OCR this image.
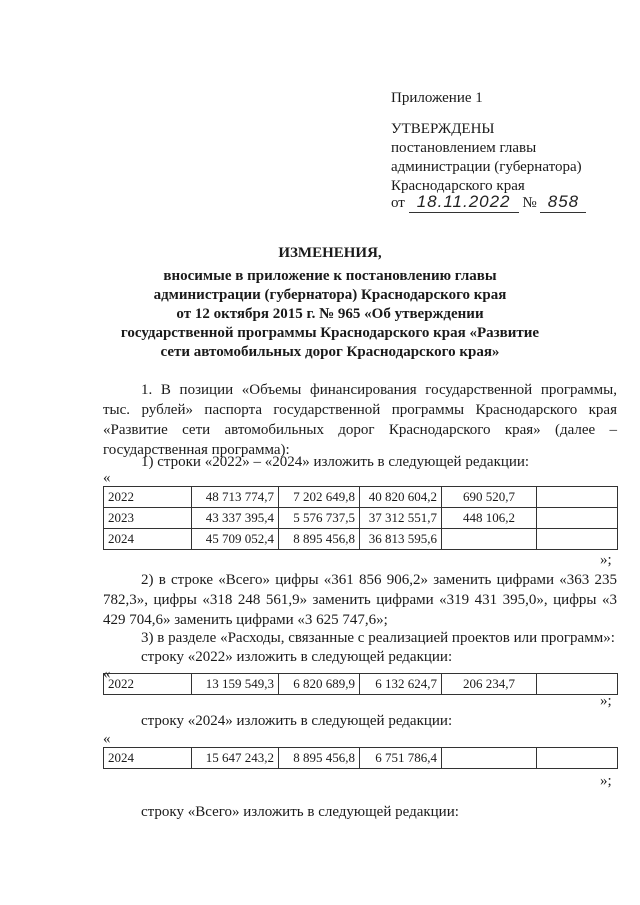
Приложение 1
УТВЕРЖДЕНЫ
постановлением главы
администрации (губернатора)
Краснодарского края
от 18.11.2022 № 858
ИЗМЕНЕНИЯ,
вносимые в приложение к постановлению главы
администрации (губернатора) Краснодарского края
от 12 октября 2015 г. № 965 «Об утверждении
государственной программы Краснодарского края «Развитие
сети автомобильных дорог Краснодарского края»
1. В позиции «Объемы финансирования государственной программы, тыс. рублей» паспорта государственной программы Краснодарского края «Развитие сети автомобильных дорог Краснодарского края» (далее – государственная программа):
1) строки «2022» – «2024» изложить в следующей редакции:
«
2022	48 713 774,7	7 202 649,8	40 820 604,2	690 520,7	
2023	43 337 395,4	5 576 737,5	37 312 551,7	448 106,2	
2024	45 709 052,4	8 895 456,8	36 813 595,6		
»;
2) в строке «Всего» цифры «361 856 906,2» заменить цифрами «363 235 782,3», цифры «318 248 561,9» заменить цифрами «319 431 395,0», цифры «3 429 704,6» заменить цифрами «3 625 747,6»;
3) в разделе «Расходы, связанные с реализацией проектов или программ»:
строку «2022» изложить в следующей редакции:
«
2022	13 159 549,3	6 820 689,9	6 132 624,7	206 234,7	
»;
строку «2024» изложить в следующей редакции:
«
2024	15 647 243,2	8 895 456,8	6 751 786,4		
»;
строку «Всего» изложить в следующей редакции:
